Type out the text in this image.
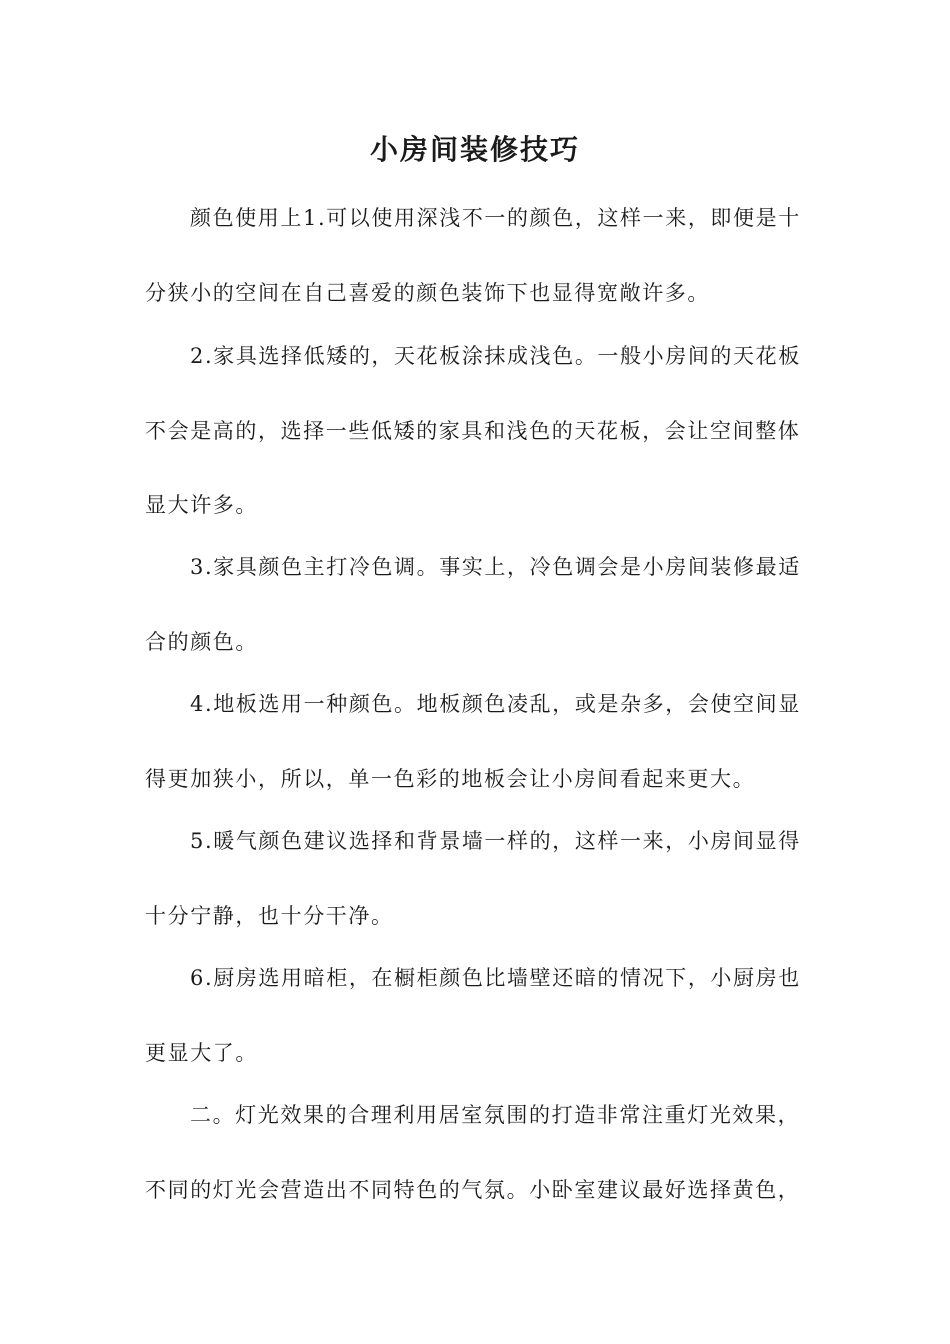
小房间装修技巧

颜色使用上1.可以使用深浅不一的颜色，这样一来，即便是十

分狭小的空间在自己喜爱的颜色装饰下也显得宽敞许多。

2.家具选择低矮的，天花板涂抹成浅色。一般小房间的天花板

不会是高的，选择一些低矮的家具和浅色的天花板，会让空间整体

显大许多。

3.家具颜色主打冷色调。事实上，冷色调会是小房间装修最适

合的颜色。

4.地板选用一种颜色。地板颜色凌乱，或是杂多，会使空间显

得更加狭小，所以，单一色彩的地板会让小房间看起来更大。

5.暖气颜色建议选择和背景墙一样的，这样一来，小房间显得

十分宁静，也十分干净。

6.厨房选用暗柜，在橱柜颜色比墙壁还暗的情况下，小厨房也

更显大了。

二。灯光效果的合理利用居室氛围的打造非常注重灯光效果，

不同的灯光会营造出不同特色的气氛。小卧室建议最好选择黄色，
